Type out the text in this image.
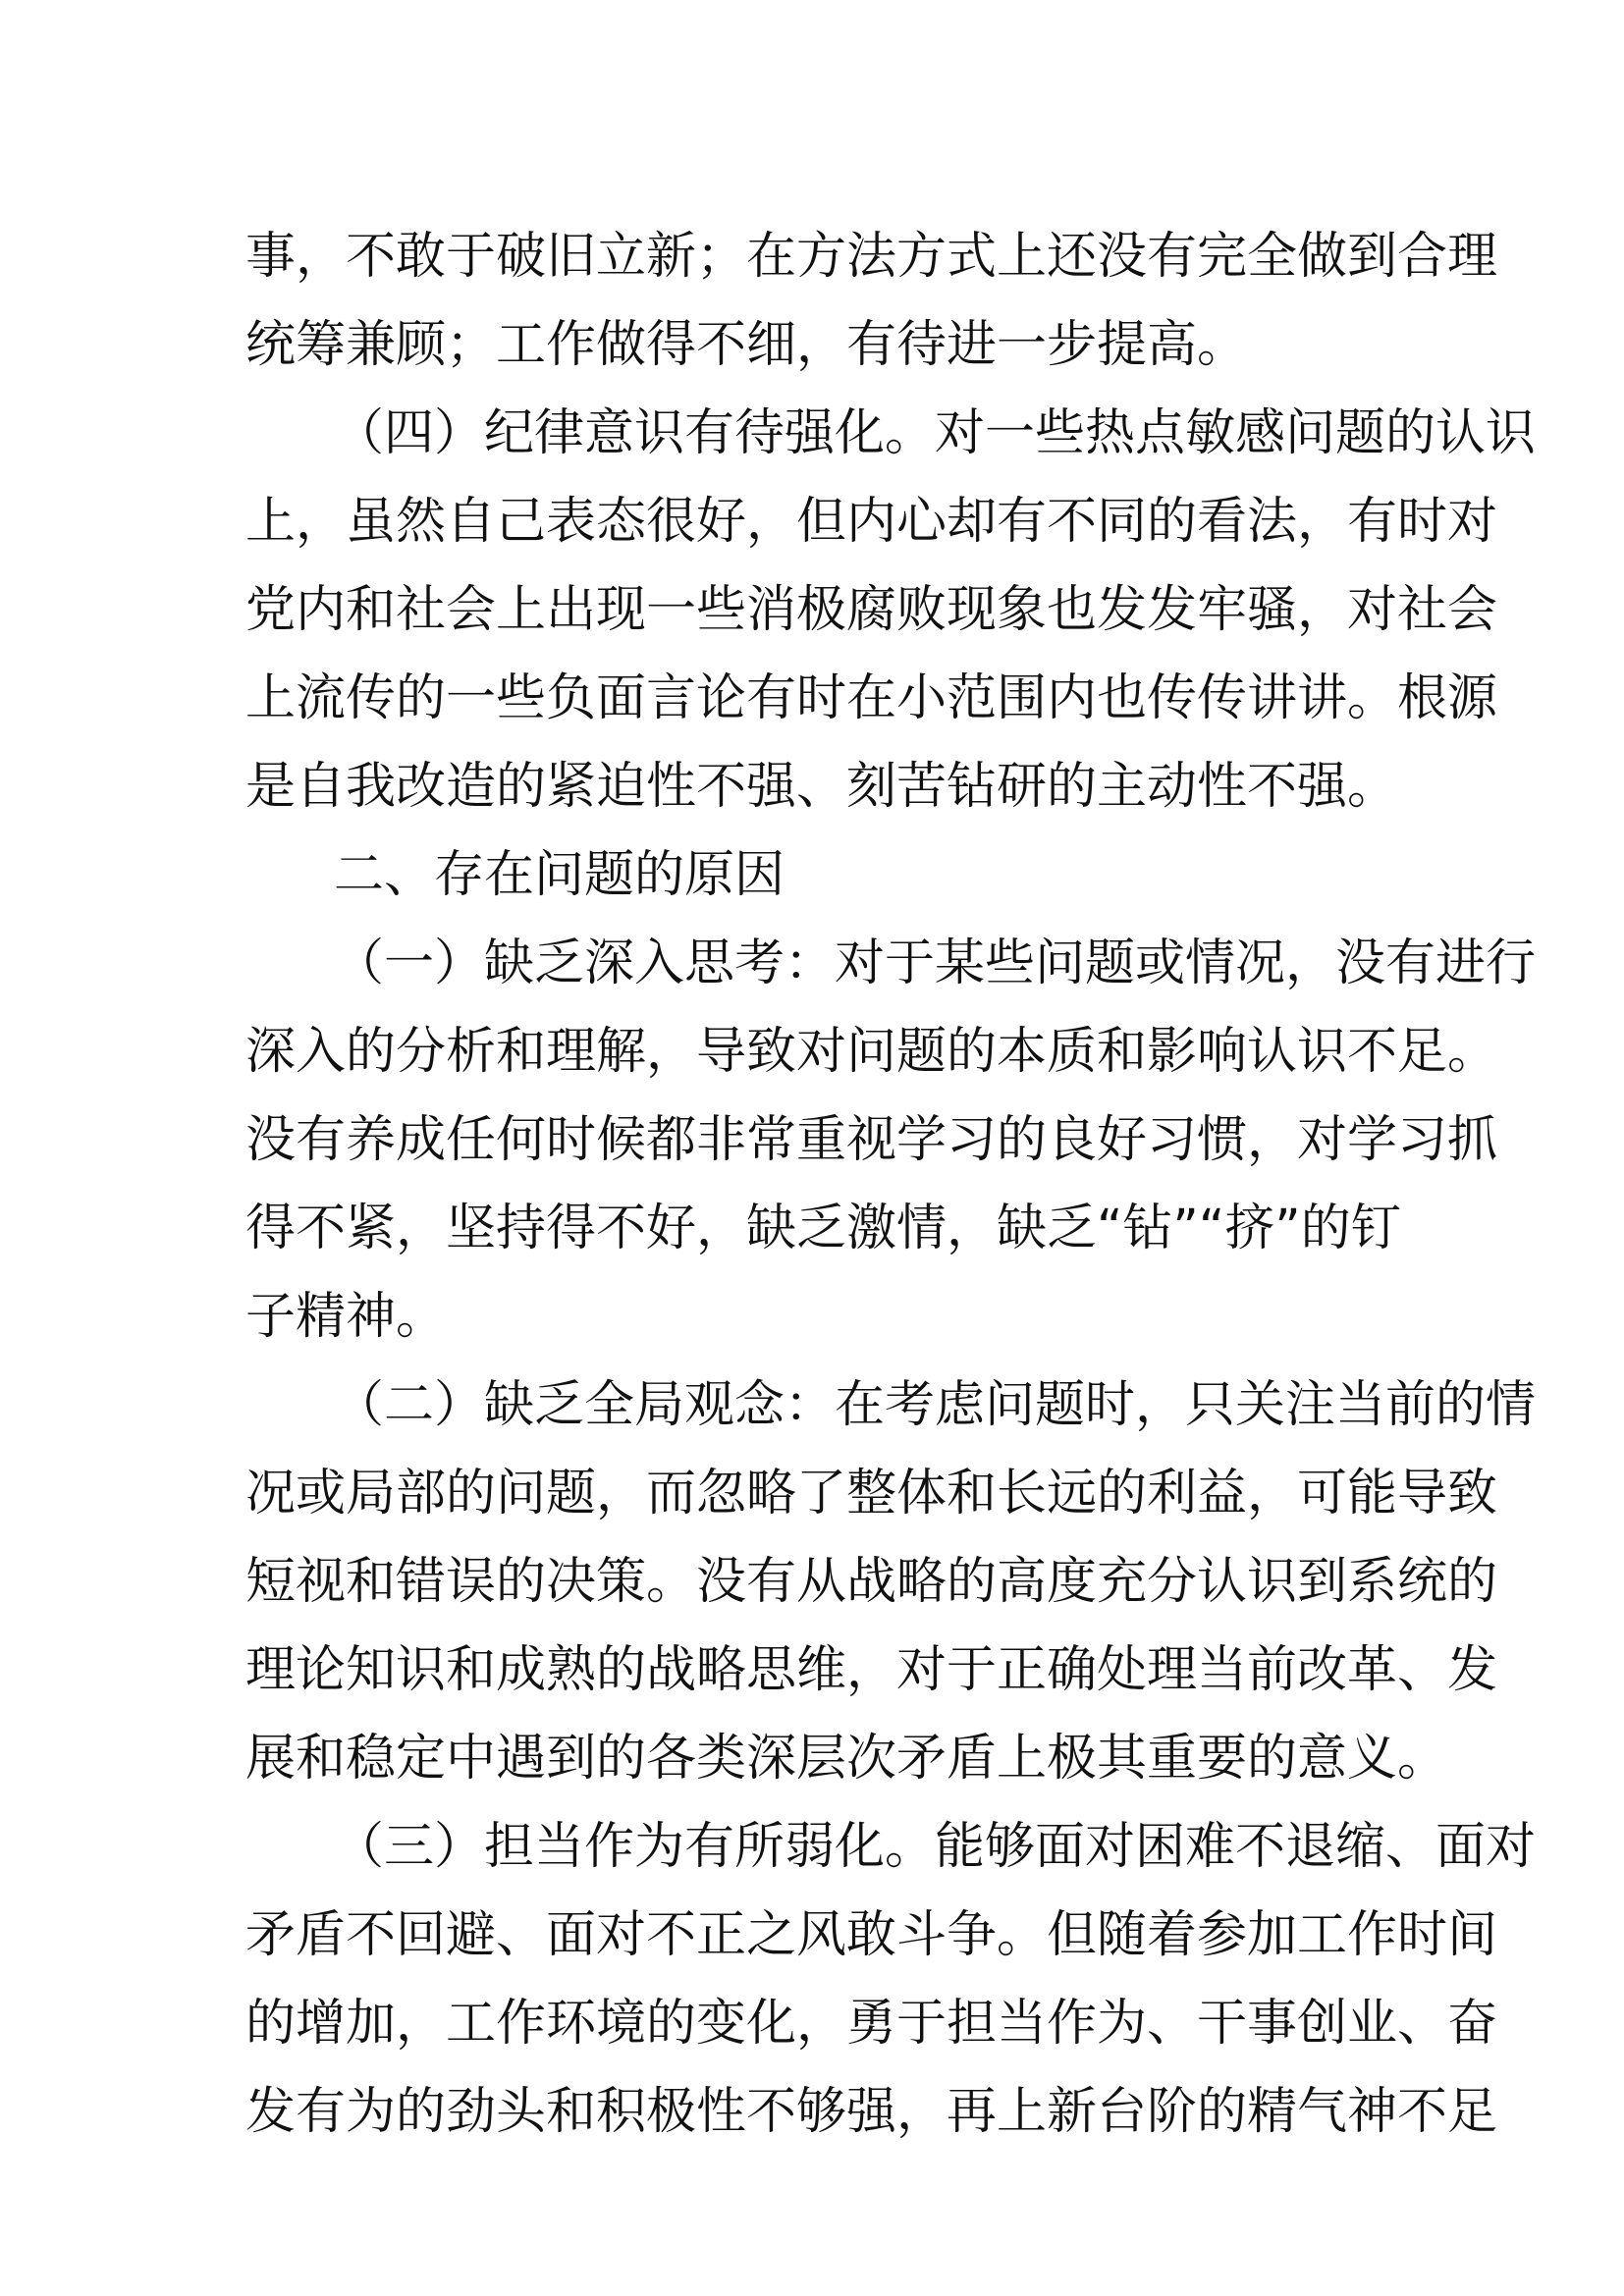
事，不敢于破旧立新；在方法方式上还没有完全做到合理
统筹兼顾；工作做得不细，有待进一步提高。
（四）纪律意识有待强化。对一些热点敏感问题的认识
上，虽然自己表态很好，但内心却有不同的看法，有时对
党内和社会上出现一些消极腐败现象也发发牢骚，对社会
上流传的一些负面言论有时在小范围内也传传讲讲。根源
是自我改造的紧迫性不强、刻苦钻研的主动性不强。
二、存在问题的原因
（一）缺乏深入思考：对于某些问题或情况，没有进行
深入的分析和理解，导致对问题的本质和影响认识不足。
没有养成任何时候都非常重视学习的良好习惯，对学习抓
得不紧，坚持得不好，缺乏激情，缺乏“钻”“挤”的钉
子精神。
（二）缺乏全局观念：在考虑问题时，只关注当前的情
况或局部的问题，而忽略了整体和长远的利益，可能导致
短视和错误的决策。没有从战略的高度充分认识到系统的
理论知识和成熟的战略思维，对于正确处理当前改革、发
展和稳定中遇到的各类深层次矛盾上极其重要的意义。
（三）担当作为有所弱化。能够面对困难不退缩、面对
矛盾不回避、面对不正之风敢斗争。但随着参加工作时间
的增加，工作环境的变化，勇于担当作为、干事创业、奋
发有为的劲头和积极性不够强，再上新台阶的精气神不足
